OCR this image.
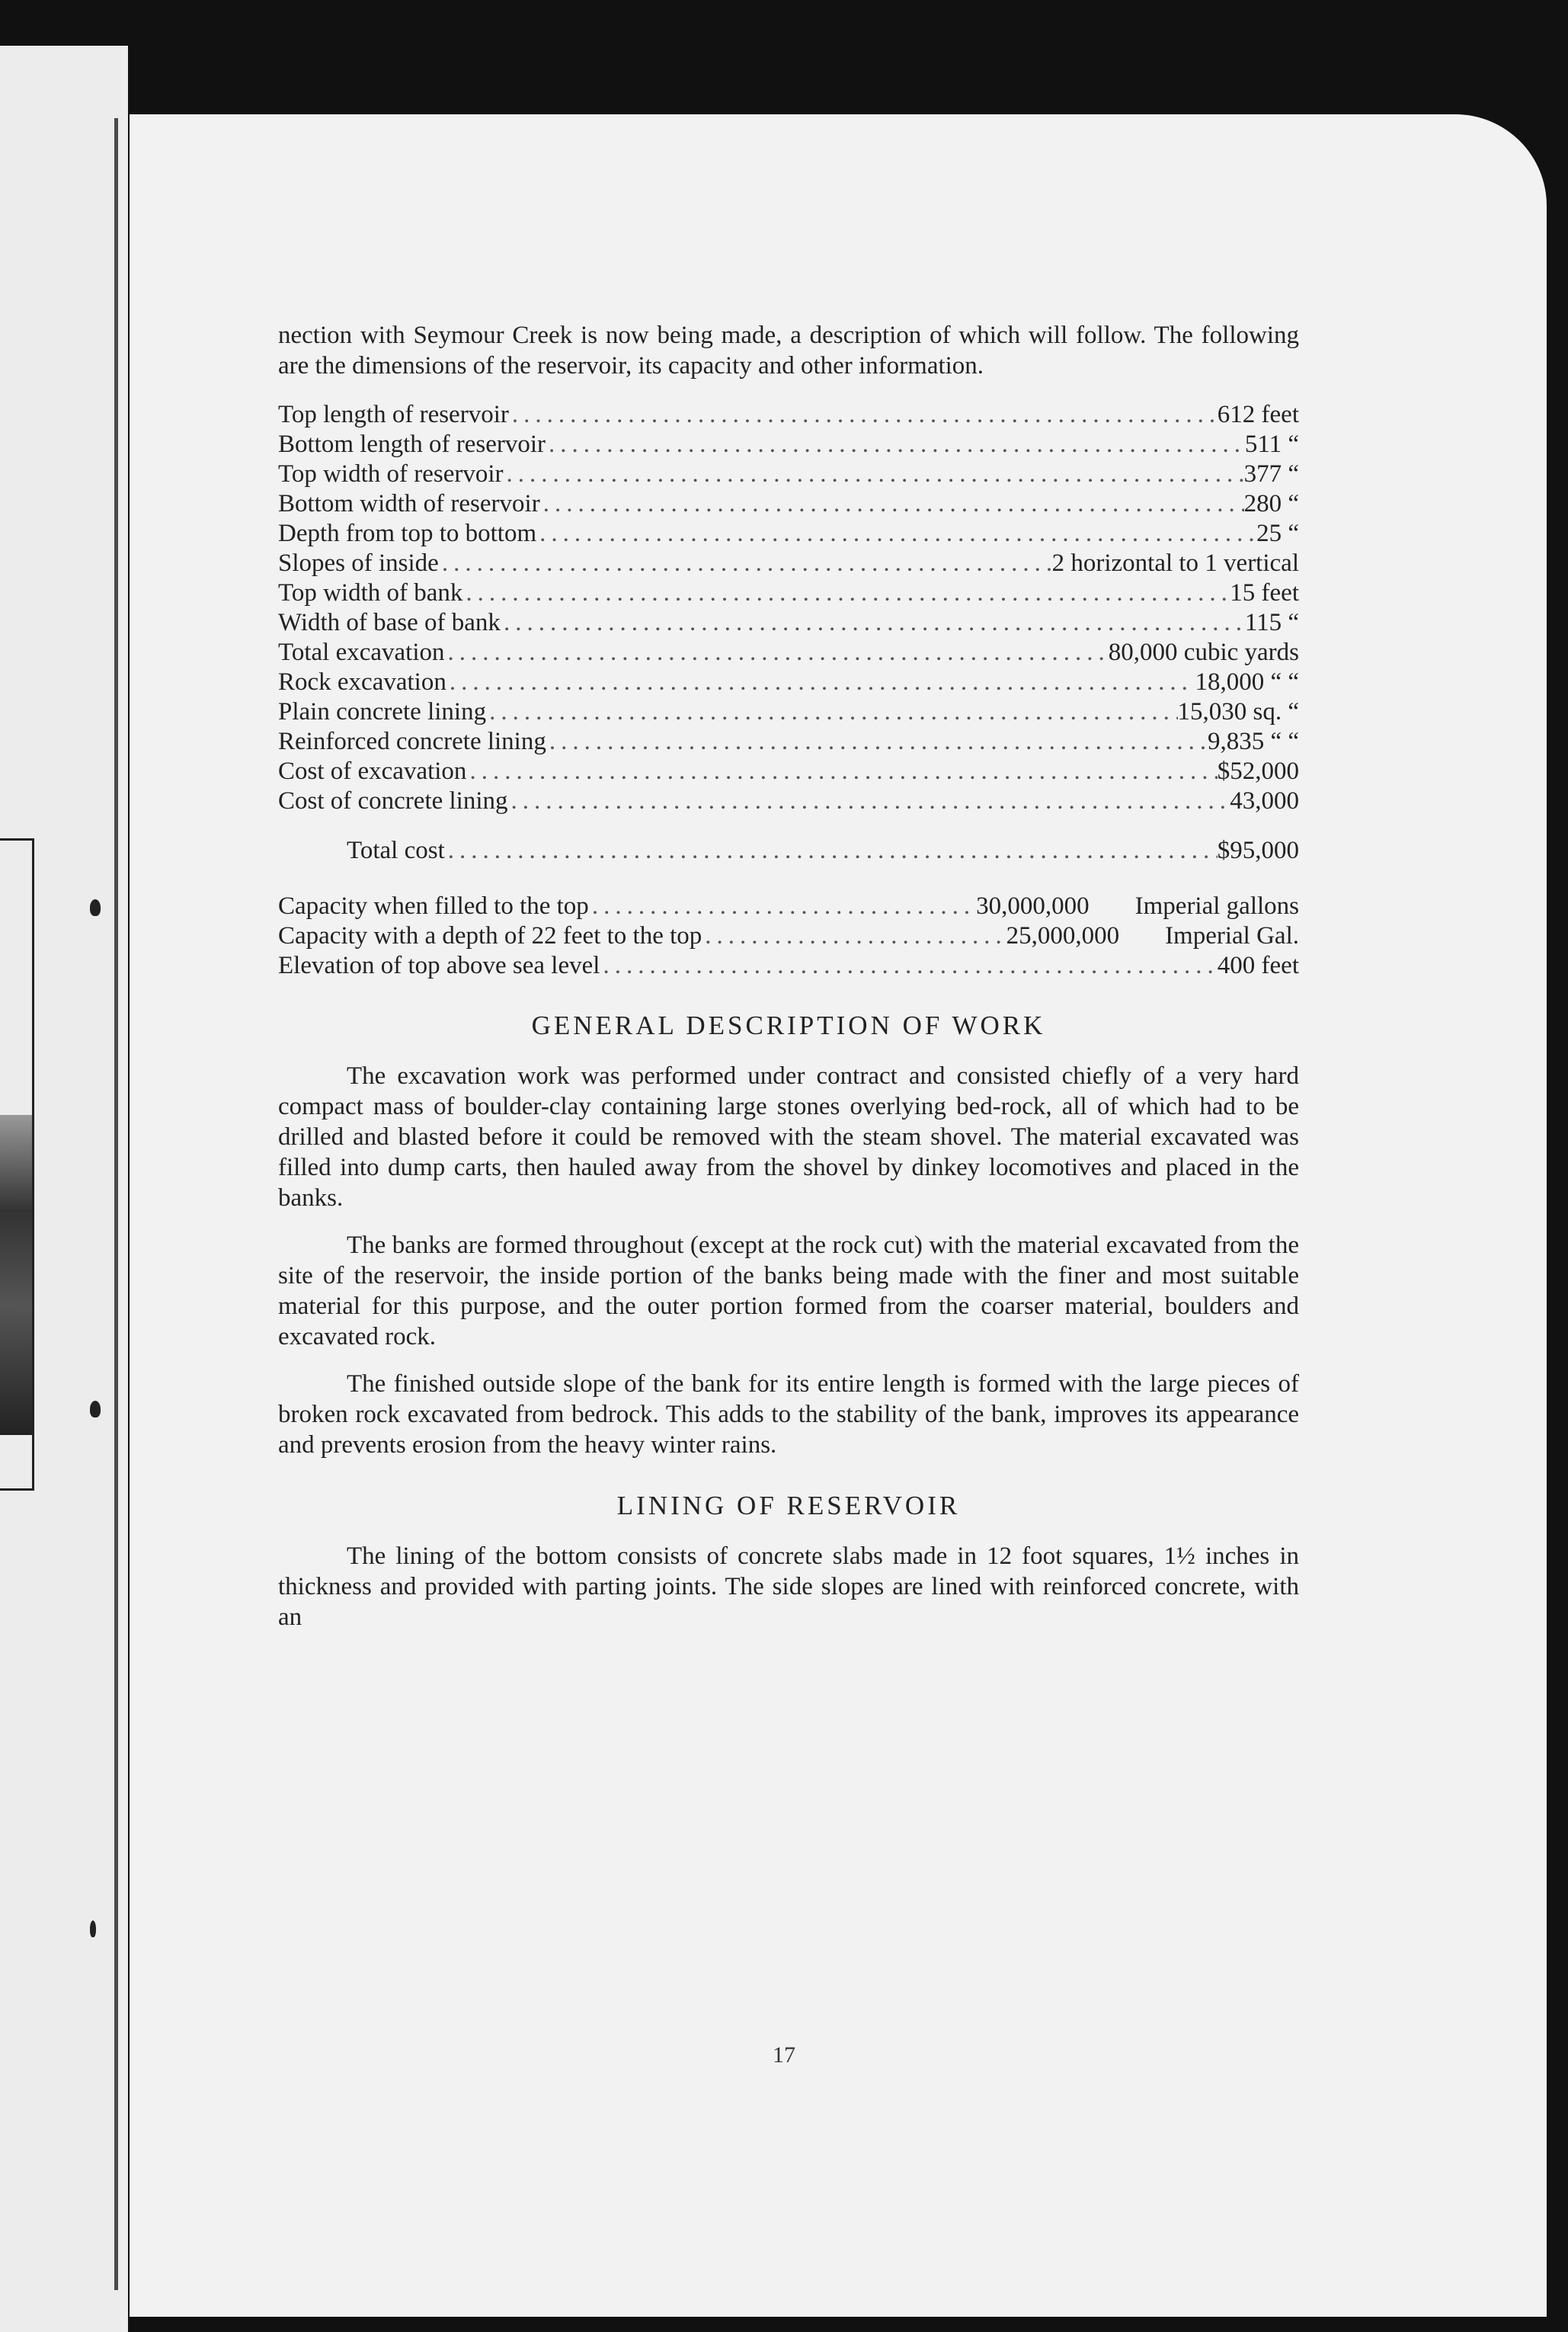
nection with Seymour Creek is now being made, a description of which will follow. The following are the dimensions of the reservoir, its capacity and other information.

Top length of reservoir .....	612 feet
Bottom length of reservoir .....	511 “
Top width of reservoir .....	377 “
Bottom width of reservoir .....	280 “
Depth from top to bottom .....	25 “
Slopes of inside .....	2 horizontal to 1 vertical
Top width of bank .....	15 feet
Width of base of bank .....	115 “
Total excavation .....	80,000 cubic yards
Rock excavation .....	18,000 “ “
Plain concrete lining .....	15,030 sq. “
Reinforced concrete lining .....	9,835 “ “
Cost of excavation .....	$52,000
Cost of concrete lining .....	43,000
Total cost .....	$95,000
Capacity when filled to the top .....	30,000,000 Imperial gallons
Capacity with a depth of 22 feet to the top .....	25,000,000 Imperial Gal.
Elevation of top above sea level .....	400 feet
GENERAL DESCRIPTION OF WORK

The excavation work was performed under contract and consisted chiefly of a very hard compact mass of boulder-clay containing large stones overlying bed-rock, all of which had to be drilled and blasted before it could be removed with the steam shovel. The material excavated was filled into dump carts, then hauled away from the shovel by dinkey locomotives and placed in the banks.

The banks are formed throughout (except at the rock cut) with the material excavated from the site of the reservoir, the inside portion of the banks being made with the finer and most suitable material for this purpose, and the outer portion formed from the coarser material, boulders and excavated rock.

The finished outside slope of the bank for its entire length is formed with the large pieces of broken rock excavated from bedrock. This adds to the stability of the bank, improves its appearance and prevents erosion from the heavy winter rains.

LINING OF RESERVOIR

The lining of the bottom consists of concrete slabs made in 12 foot squares, 1½ inches in thickness and provided with parting joints. The side slopes are lined with reinforced concrete, with an

17
